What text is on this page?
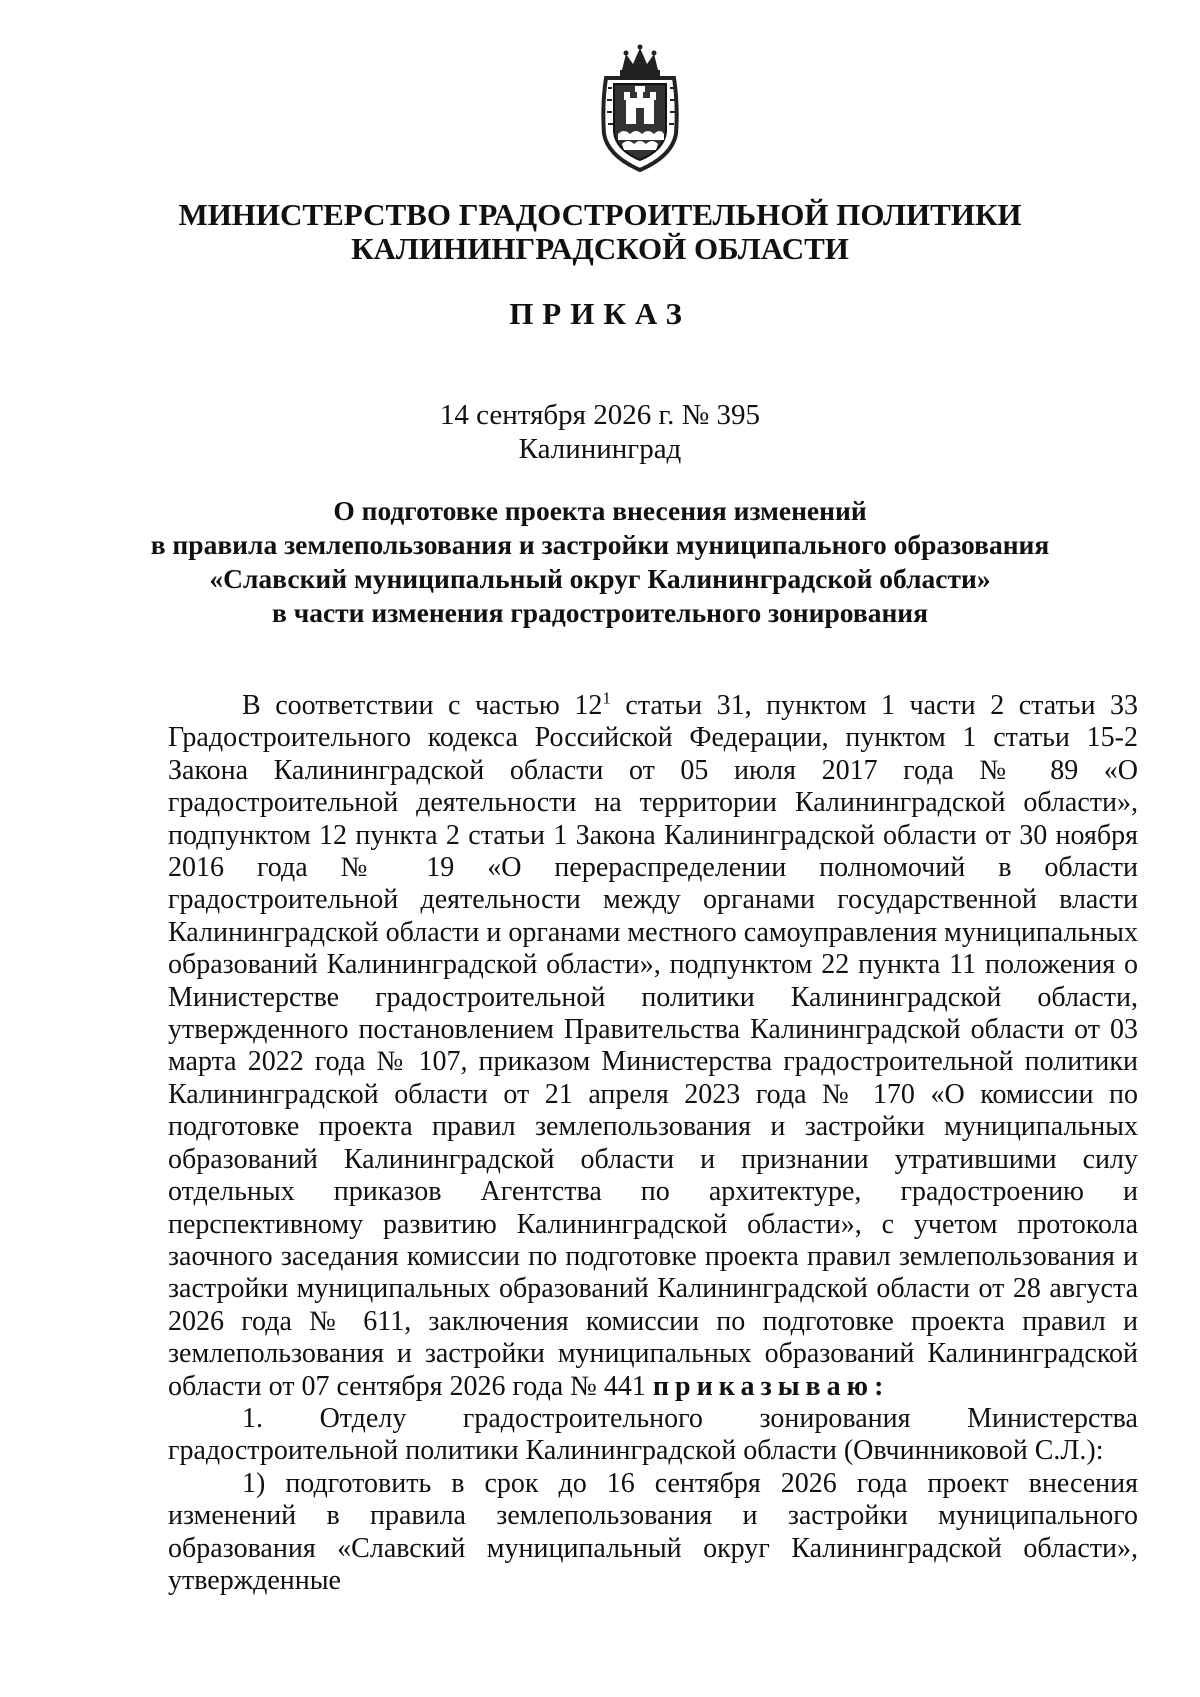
МИНИСТЕРСТВО ГРАДОСТРОИТЕЛЬНОЙ ПОЛИТИКИ
КАЛИНИНГРАДСКОЙ ОБЛАСТИ
ПРИКАЗ
14 сентября 2026 г. № 395
Калининград
О подготовке проекта внесения изменений
в правила землепользования и застройки муниципального образования
«Славский муниципальный округ Калининградской области»
в части изменения градостроительного зонирования

В соответствии с частью $12^1$ статьи 31, пунктом 1 части 2 статьи 33 Градостроительного кодекса Российской Федерации, пунктом 1 статьи 15-2 Закона Калининградской области от 05 июля 2017 года № 89 «О градостроительной деятельности на территории Калининградской области», подпунктом 12 пункта 2 статьи 1 Закона Калининградской области от 30 ноября 2016 года № 19 «О перераспределении полномочий в области градостроительной деятельности между органами государственной власти Калининградской области и органами местного самоуправления муниципальных образований Калининградской области», подпунктом 22 пункта 11 положения о Министерстве градостроительной политики Калининградской области, утвержденного постановлением Правительства Калининградской области от 03 марта 2022 года № 107, приказом Министерства градостроительной политики Калининградской области от 21 апреля 2023 года № 170 «О комиссии по подготовке проекта правил землепользования и застройки муниципальных образований Калининградской области и признании утратившими силу отдельных приказов Агентства по архитектуре, градостроению и перспективному развитию Калининградской области», с учетом протокола заочного заседания комиссии по подготовке проекта правил землепользования и застройки муниципальных образований Калининградской области от 28 августа 2026 года № 611, заключения комиссии по подготовке проекта правил и землепользования и застройки муниципальных образований Калининградской области от 07 сентября 2026 года № 441 приказываю:

1. Отделу градостроительного зонирования Министерства
градостроительной политики Калининградской области (Овчинниковой С.Л.):

1) подготовить в срок до 16 сентября 2026 года проект внесения изменений в правила землепользования и застройки муниципального образования «Славский муниципальный округ Калининградской области», утвержденные
